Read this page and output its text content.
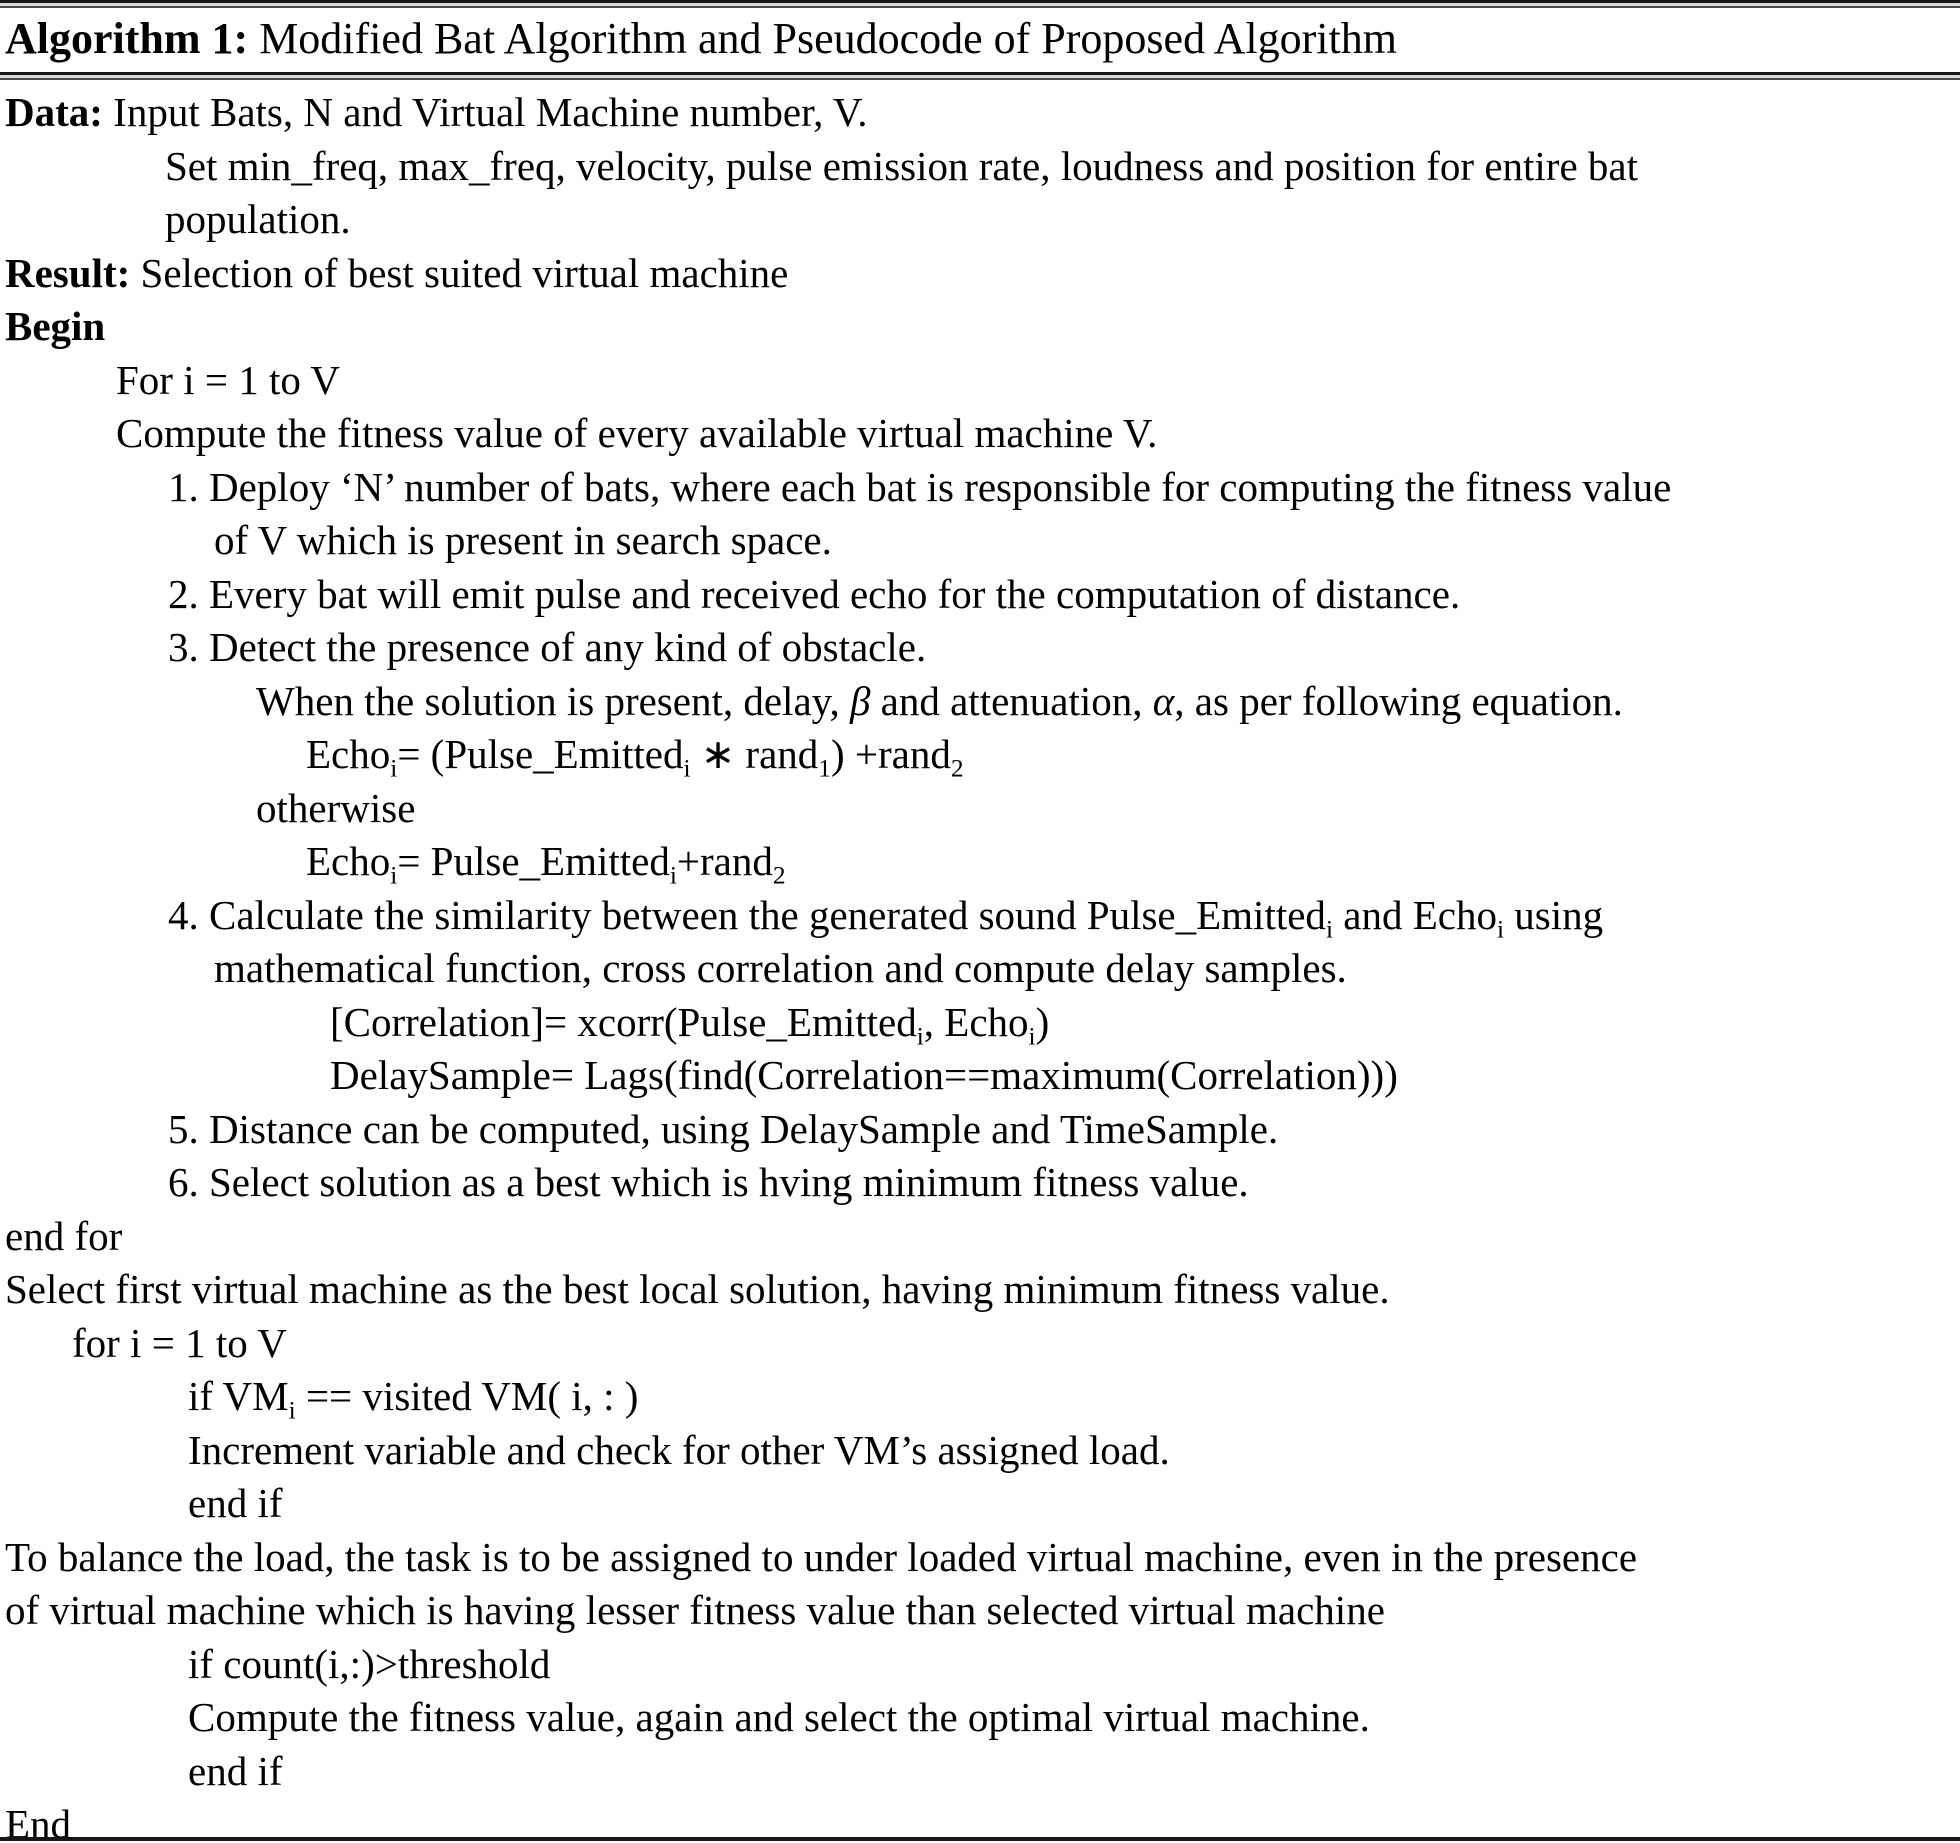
Algorithm 1: Modified Bat Algorithm and Pseudocode of Proposed Algorithm
Data: Input Bats, N and Virtual Machine number, V.
Set min_freq, max_freq, velocity, pulse emission rate, loudness and position for entire bat
population.
Result: Selection of best suited virtual machine
Begin
For i = 1 to V
Compute the fitness value of every available virtual machine V.
1. Deploy ‘N’ number of bats, where each bat is responsible for computing the fitness value
of V which is present in search space.
2. Every bat will emit pulse and received echo for the computation of distance.
3. Detect the presence of any kind of obstacle.
When the solution is present, delay, β and attenuation, α, as per following equation.
Echo$_i$= (Pulse_Emitted$_i$ ∗ rand$_1$) +rand$_2$
otherwise
Echo$_i$= Pulse_Emitted$_i$+rand$_2$
4. Calculate the similarity between the generated sound Pulse_Emitted$_i$ and Echo$_i$ using
mathematical function, cross correlation and compute delay samples.
[Correlation]= xcorr(Pulse_Emitted$_i$, Echo$_i$)
DelaySample= Lags(find(Correlation==maximum(Correlation)))
5. Distance can be computed, using DelaySample and TimeSample.
6. Select solution as a best which is hving minimum fitness value.
end for
Select first virtual machine as the best local solution, having minimum fitness value.
for i = 1 to V
if $VM_i$ == visited VM( i, : )
Increment variable and check for other VM’s assigned load.
end if
To balance the load, the task is to be assigned to under loaded virtual machine, even in the presence
of virtual machine which is having lesser fitness value than selected virtual machine
if count(i,:)>threshold
Compute the fitness value, again and select the optimal virtual machine.
end if
End
